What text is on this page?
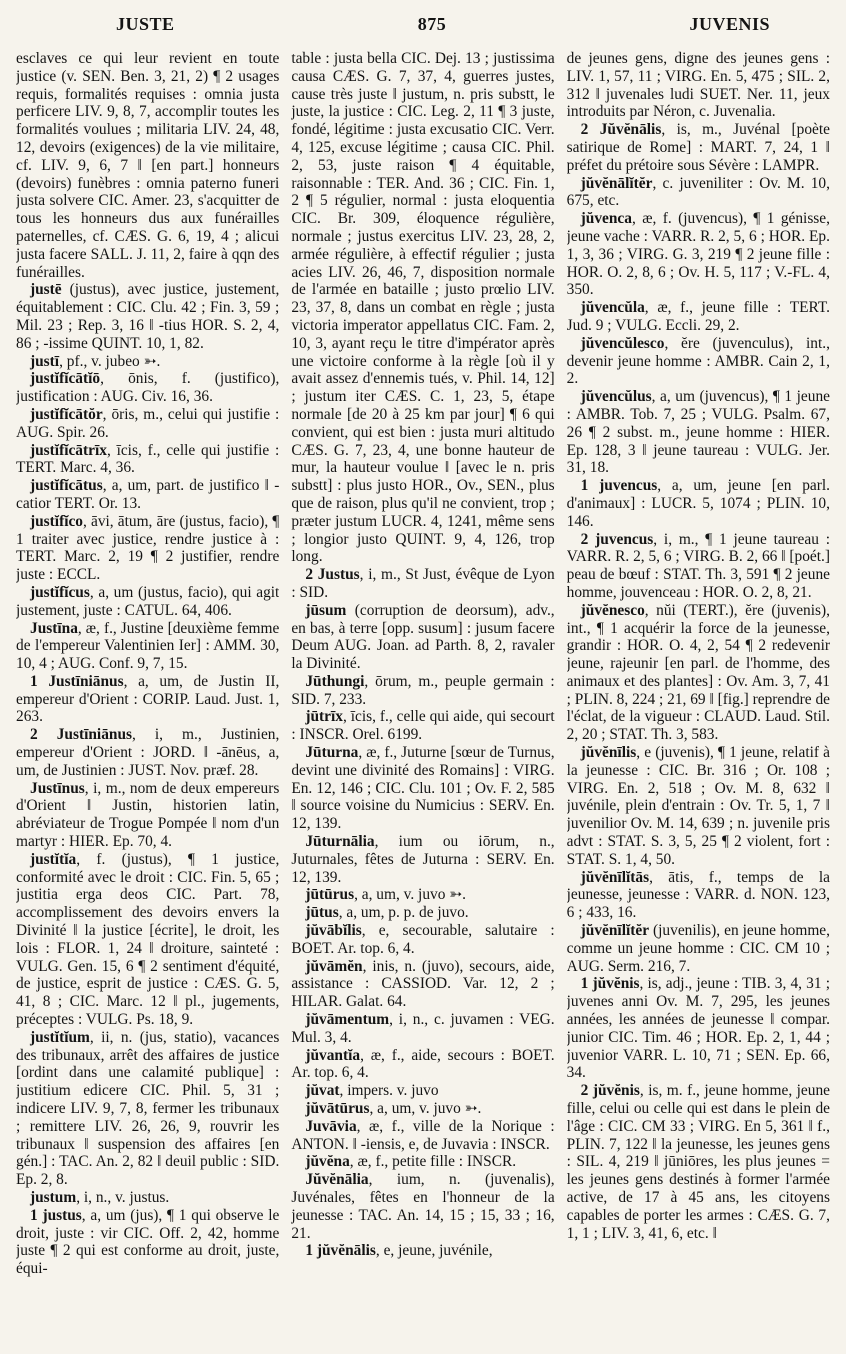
JUSTE	875	JUVENIS

esclaves ce qui leur revient en toute justice (v. SEN. Ben. 3, 21, 2) ¶ 2 usages requis, formalités requises : omnia justa perficere LIV. 9, 8, 7, accomplir toutes les formalités voulues ; militaria LIV. 24, 48, 12, devoirs (exigences) de la vie militaire, cf. LIV. 9, 6, 7 ‖ [en part.] honneurs (devoirs) funèbres : omnia paterno funeri justa solvere CIC. Amer. 23, s'acquitter de tous les honneurs dus aux funérailles paternelles, cf. CÆS. G. 6, 19, 4 ; alicui justa facere SALL. J. 11, 2, faire à qqn des funérailles.

justē (justus), avec justice, justement, équitablement : CIC. Clu. 42 ; Fin. 3, 59 ; Mil. 23 ; Rep. 3, 16 ‖ -tius HOR. S. 2, 4, 86 ; -issime QUINT. 10, 1, 82.

justī, pf., v. jubeo ➳.

justĭfĭcātĭō, ōnis, f. (justifico), justification : AUG. Civ. 16, 36.

justĭfĭcātŏr, ōris, m., celui qui justifie : AUG. Spir. 26.

justĭfĭcātrīx, īcis, f., celle qui justifie : TERT. Marc. 4, 36.

justĭfĭcātus, a, um, part. de justifico ‖ -catior TERT. Or. 13.

justĭfĭco, āvi, ātum, āre (justus, facio), ¶ 1 traiter avec justice, rendre justice à : TERT. Marc. 2, 19 ¶ 2 justifier, rendre juste : ECCL.

justĭfĭcus, a, um (justus, facio), qui agit justement, juste : CATUL. 64, 406.

Justīna, æ, f., Justine [deuxième femme de l'empereur Valentinien Ier] : AMM. 30, 10, 4 ; AUG. Conf. 9, 7, 15.

1 Justīniānus, a, um, de Justin II, empereur d'Orient : CORIP. Laud. Just. 1, 263.

2 Justīniānus, i, m., Justinien, empereur d'Orient : JORD. ‖ -ānēus, a, um, de Justinien : JUST. Nov. præf. 28.

Justīnus, i, m., nom de deux empereurs d'Orient ‖ Justin, historien latin, abréviateur de Trogue Pompée ‖ nom d'un martyr : HIER. Ep. 70, 4.

justĭtĭa, f. (justus), ¶ 1 justice, conformité avec le droit : CIC. Fin. 5, 65 ; justitia erga deos CIC. Part. 78, accomplissement des devoirs envers la Divinité ‖ la justice [écrite], le droit, les lois : FLOR. 1, 24 ‖ droiture, sainteté : VULG. Gen. 15, 6 ¶ 2 sentiment d'équité, de justice, esprit de justice : CÆS. G. 5, 41, 8 ; CIC. Marc. 12 ‖ pl., jugements, préceptes : VULG. Ps. 18, 9.

justĭtĭum, ii, n. (jus, statio), vacances des tribunaux, arrêt des affaires de justice [ordint dans une calamité publique] : justitium edicere CIC. Phil. 5, 31 ; indicere LIV. 9, 7, 8, fermer les tribunaux ; remittere LIV. 26, 26, 9, rouvrir les tribunaux ‖ suspension des affaires [en gén.] : TAC. An. 2, 82 ‖ deuil public : SID. Ep. 2, 8.

justum, i, n., v. justus.

1 justus, a, um (jus), ¶ 1 qui observe le droit, juste : vir CIC. Off. 2, 42, homme juste ¶ 2 qui est conforme au droit, juste, équi-

table : justa bella CIC. Dej. 13 ; justissima causa CÆS. G. 7, 37, 4, guerres justes, cause très juste ‖ justum, n. pris substt, le juste, la justice : CIC. Leg. 2, 11 ¶ 3 juste, fondé, légitime : justa excusatio CIC. Verr. 4, 125, excuse légitime ; causa CIC. Phil. 2, 53, juste raison ¶ 4 équitable, raisonnable : TER. And. 36 ; CIC. Fin. 1, 2 ¶ 5 régulier, normal : justa eloquentia CIC. Br. 309, éloquence régulière, normale ; justus exercitus LIV. 23, 28, 2, armée régulière, à effectif régulier ; justa acies LIV. 26, 46, 7, disposition normale de l'armée en bataille ; justo prœlio LIV. 23, 37, 8, dans un combat en règle ; justa victoria imperator appellatus CIC. Fam. 2, 10, 3, ayant reçu le titre d'impérator après une victoire conforme à la règle [où il y avait assez d'ennemis tués, v. Phil. 14, 12] ; justum iter CÆS. C. 1, 23, 5, étape normale [de 20 à 25 km par jour] ¶ 6 qui convient, qui est bien : justa muri altitudo CÆS. G. 7, 23, 4, une bonne hauteur de mur, la hauteur voulue ‖ [avec le n. pris substt] : plus justo HOR., Ov., SEN., plus que de raison, plus qu'il ne convient, trop ; præter justum LUCR. 4, 1241, même sens ; longior justo QUINT. 9, 4, 126, trop long.

2 Justus, i, m., St Just, évêque de Lyon : SID.

jūsum (corruption de deorsum), adv., en bas, à terre [opp. susum] : jusum facere Deum AUG. Joan. ad Parth. 8, 2, ravaler la Divinité.

Jūthungi, ōrum, m., peuple germain : SID. 7, 233.

jūtrīx, īcis, f., celle qui aide, qui secourt : INSCR. Orel. 6199.

Jūturna, æ, f., Juturne [sœur de Turnus, devint une divinité des Romains] : VIRG. En. 12, 146 ; CIC. Clu. 101 ; Ov. F. 2, 585 ‖ source voisine du Numicius : SERV. En. 12, 139.

Jūturnālia, ium ou iōrum, n., Juturnales, fêtes de Juturna : SERV. En. 12, 139.

jūtūrus, a, um, v. juvo ➳.

jūtus, a, um, p. p. de juvo.

jŭvābĭlis, e, secourable, salutaire : BOET. Ar. top. 6, 4.

jŭvāmĕn, inis, n. (juvo), secours, aide, assistance : CASSIOD. Var. 12, 2 ; HILAR. Galat. 64.

jŭvāmentum, i, n., c. juvamen : VEG. Mul. 3, 4.

jŭvantĭa, æ, f., aide, secours : BOET. Ar. top. 6, 4.

jŭvat, impers. v. juvo

jŭvātūrus, a, um, v. juvo ➳.

Juvāvia, æ, f., ville de la Norique : ANTON. ‖ -iensis, e, de Juvavia : INSCR.

jŭvĕna, æ, f., petite fille : INSCR.

Jŭvĕnālia, ium, n. (juvenalis), Juvénales, fêtes en l'honneur de la jeunesse : TAC. An. 14, 15 ; 15, 33 ; 16, 21.

1 jŭvĕnālis, e, jeune, juvénile,

de jeunes gens, digne des jeunes gens : LIV. 1, 57, 11 ; VIRG. En. 5, 475 ; SIL. 2, 312 ‖ juvenales ludi SUET. Ner. 11, jeux introduits par Néron, c. Juvenalia.

2 Jŭvĕnālis, is, m., Juvénal [poète satirique de Rome] : MART. 7, 24, 1 ‖ préfet du prétoire sous Sévère : LAMPR.

jŭvĕnālĭtĕr, c. juveniliter : Ov. M. 10, 675, etc.

jŭvenca, æ, f. (juvencus), ¶ 1 génisse, jeune vache : VARR. R. 2, 5, 6 ; HOR. Ep. 1, 3, 36 ; VIRG. G. 3, 219 ¶ 2 jeune fille : HOR. O. 2, 8, 6 ; Ov. H. 5, 117 ; V.-FL. 4, 350.

jŭvencŭla, æ, f., jeune fille : TERT. Jud. 9 ; VULG. Eccli. 29, 2.

jŭvencŭlesco, ĕre (juvenculus), int., devenir jeune homme : AMBR. Cain 2, 1, 2.

jŭvencŭlus, a, um (juvencus), ¶ 1 jeune : AMBR. Tob. 7, 25 ; VULG. Psalm. 67, 26 ¶ 2 subst. m., jeune homme : HIER. Ep. 128, 3 ‖ jeune taureau : VULG. Jer. 31, 18.

1 juvencus, a, um, jeune [en parl. d'animaux] : LUCR. 5, 1074 ; PLIN. 10, 146.

2 juvencus, i, m., ¶ 1 jeune taureau : VARR. R. 2, 5, 6 ; VIRG. B. 2, 66 ‖ [poét.] peau de bœuf : STAT. Th. 3, 591 ¶ 2 jeune homme, jouvenceau : HOR. O. 2, 8, 21.

jŭvĕnesco, nŭi (TERT.), ĕre (juvenis), int., ¶ 1 acquérir la force de la jeunesse, grandir : HOR. O. 4, 2, 54 ¶ 2 redevenir jeune, rajeunir [en parl. de l'homme, des animaux et des plantes] : Ov. Am. 3, 7, 41 ; PLIN. 8, 224 ; 21, 69 ‖ [fig.] reprendre de l'éclat, de la vigueur : CLAUD. Laud. Stil. 2, 20 ; STAT. Th. 3, 583.

jŭvĕnīlis, e (juvenis), ¶ 1 jeune, relatif à la jeunesse : CIC. Br. 316 ; Or. 108 ; VIRG. En. 2, 518 ; Ov. M. 8, 632 ‖ juvénile, plein d'entrain : Ov. Tr. 5, 1, 7 ‖ juvenilior Ov. M. 14, 639 ; n. juvenile pris advt : STAT. S. 3, 5, 25 ¶ 2 violent, fort : STAT. S. 1, 4, 50.

jŭvĕnīlĭtās, ātis, f., temps de la jeunesse, jeunesse : VARR. d. NON. 123, 6 ; 433, 16.

jŭvĕnīlĭtĕr (juvenilis), en jeune homme, comme un jeune homme : CIC. CM 10 ; AUG. Serm. 216, 7.

1 jŭvĕnis, is, adj., jeune : TIB. 3, 4, 31 ; juvenes anni Ov. M. 7, 295, les jeunes années, les années de jeunesse ‖ compar. junior CIC. Tim. 46 ; HOR. Ep. 2, 1, 44 ; juvenior VARR. L. 10, 71 ; SEN. Ep. 66, 34.

2 jŭvĕnis, is, m. f., jeune homme, jeune fille, celui ou celle qui est dans le plein de l'âge : CIC. CM 33 ; VIRG. En 5, 361 ‖ f., PLIN. 7, 122 ‖ la jeunesse, les jeunes gens : SIL. 4, 219 ‖ jūniōres, les plus jeunes = les jeunes gens destinés à former l'armée active, de 17 à 45 ans, les citoyens capables de porter les armes : CÆS. G. 7, 1, 1 ; LIV. 3, 41, 6, etc. ‖
